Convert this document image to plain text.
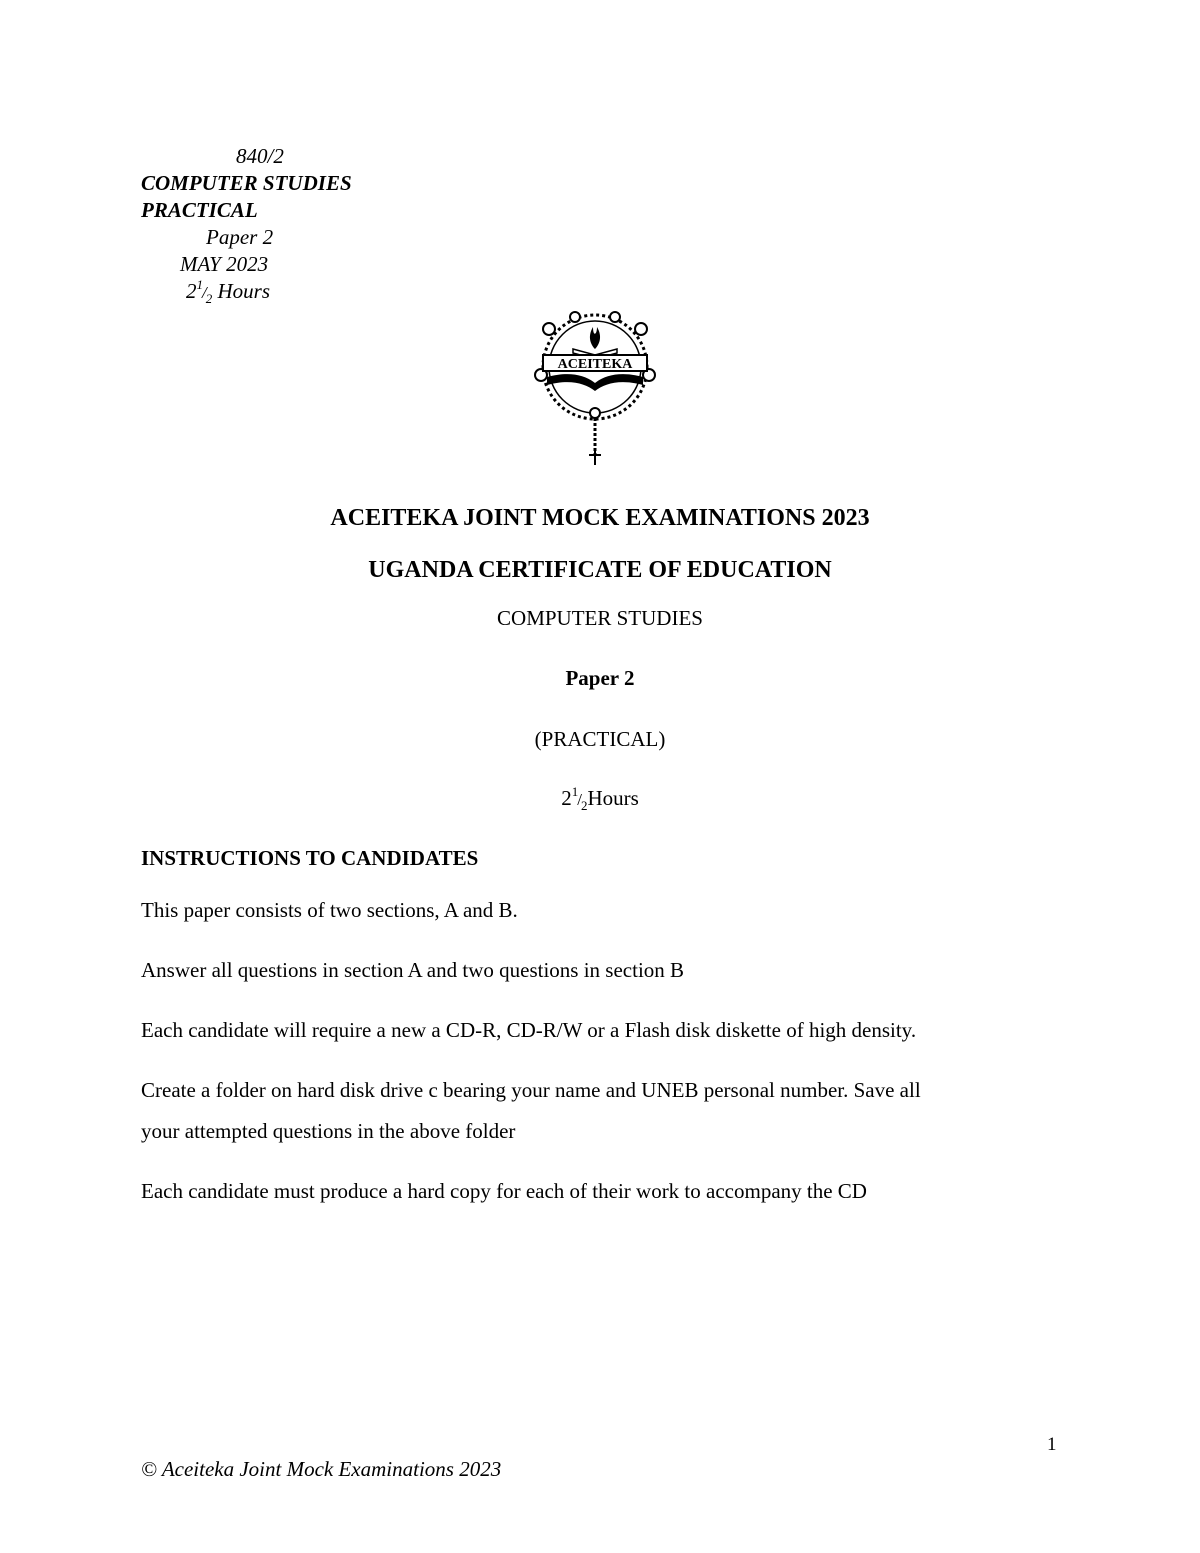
840/2
COMPUTER STUDIES
PRACTICAL
Paper 2
MAY 2023
$2^1/_2$ Hours
ACEITEKA
ACEITEKA JOINT MOCK EXAMINATIONS 2023
UGANDA CERTIFICATE OF EDUCATION
COMPUTER STUDIES
Paper 2
(PRACTICAL)
$2^1/_2Hours$
INSTRUCTIONS TO CANDIDATES
This paper consists of two sections, A and B.
Answer all questions in section A and two questions in section B
Each candidate will require a new a CD-R, CD-R/W or a Flash disk diskette of high density.
Create a folder on hard disk drive c bearing your name and UNEB personal number. Save all
your attempted questions in the above folder
Each candidate must produce a hard copy for each of their work to accompany the CD
1
© Aceiteka Joint Mock Examinations 2023
